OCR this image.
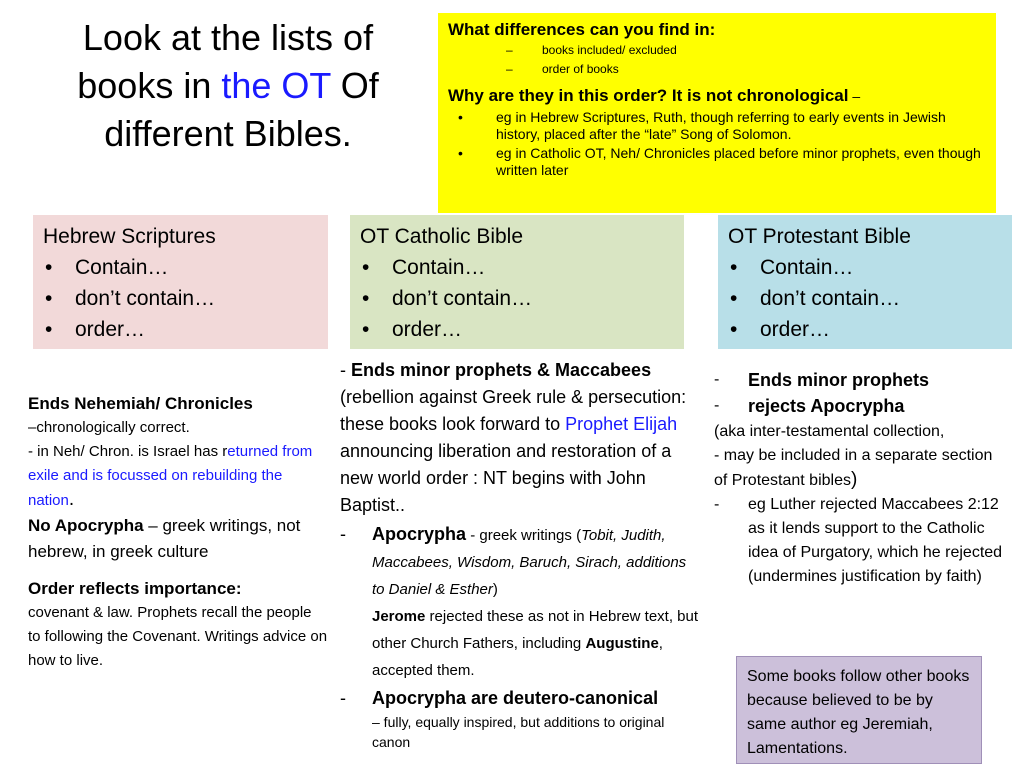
Look at the lists of
books in the OT Of
different Bibles.
What differences can you find in:
– books included/ excluded
– order of books
Why are they in this order? It is not chronological –
• eg in Hebrew Scriptures, Ruth, though referring to early events in Jewish history, placed after the “late” Song of Solomon.
• eg in Catholic OT, Neh/ Chronicles placed before minor prophets, even though written later
Hebrew Scriptures
• Contain…
• don’t contain…
• order…
OT Catholic Bible
• Contain…
• don’t contain…
• order…
OT Protestant Bible
• Contain…
• don’t contain…
• order…

Ends Nehemiah/ Chronicles

–chronologically correct.

- in Neh/ Chron. is Israel has returned from exile and is focussed on rebuilding the nation.

No Apocrypha – greek writings, not hebrew, in greek culture

Order reflects importance:

covenant & law. Prophets recall the people to following the Covenant. Writings advice on how to live.

- Ends minor prophets & Maccabees
(rebellion against Greek rule & persecution: these books look forward to Prophet Elijah announcing liberation and restoration of a new world order : NT begins with John Baptist..

- Apocrypha - greek writings (Tobit, Judith, Maccabees, Wisdom, Baruch, Sirach, additions to Daniel & Esther)
Jerome rejected these as not in Hebrew text, but other Church Fathers, including Augustine, accepted them.
- Apocrypha are deutero-canonical
– fully, equally inspired, but additions to original canon
- Ends minor prophets
- rejects Apocrypha

(aka inter-testamental collection,

- may be included in a separate section of Protestant bibles)

- eg Luther rejected Maccabees 2:12 as it lends support to the Catholic idea of Purgatory, which he rejected (undermines justification by faith)
Some books follow other books because believed to be by same author eg Jeremiah, Lamentations.
